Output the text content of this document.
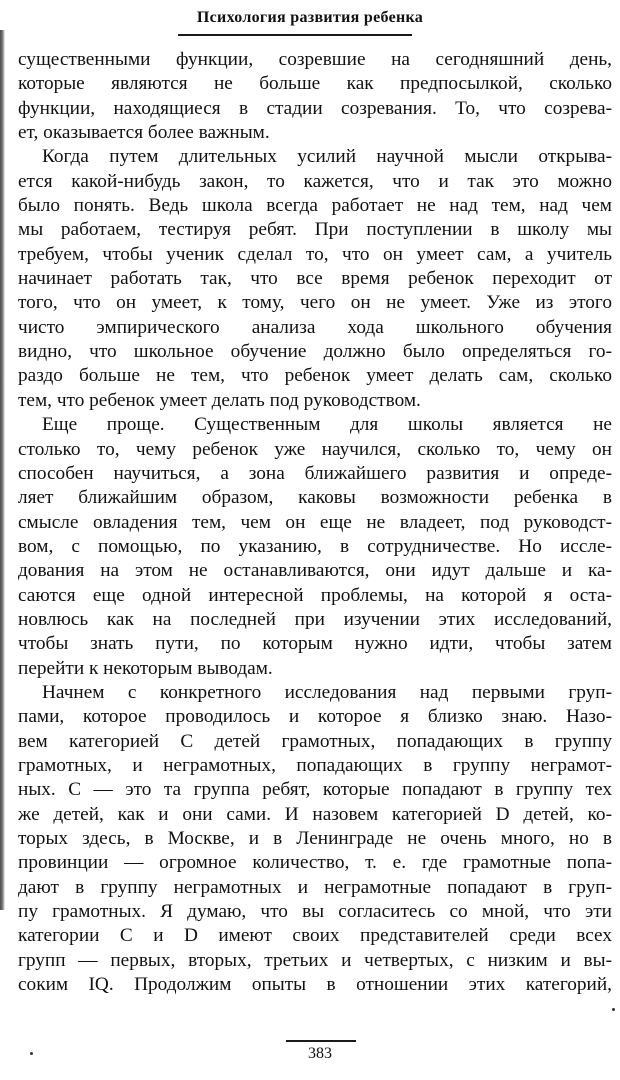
Психология развития ребенка
существенными функции, созревшие на сегодняшний день,
которые являются не больше как предпосылкой, сколько
функции, находящиеся в стадии созревания. То, что созрева-
ет, оказывается более важным.
Когда путем длительных усилий научной мысли открыва-
ется какой-нибудь закон, то кажется, что и так это можно
было понять. Ведь школа всегда работает не над тем, над чем
мы работаем, тестируя ребят. При поступлении в школу мы
требуем, чтобы ученик сделал то, что он умеет сам, а учитель
начинает работать так, что все время ребенок переходит от
того, что он умеет, к тому, чего он не умеет. Уже из этого
чисто эмпирического анализа хода школьного обучения
видно, что школьное обучение должно было определяться го-
раздо больше не тем, что ребенок умеет делать сам, сколько
тем, что ребенок умеет делать под руководством.
Еще проще. Существенным для школы является не
столько то, чему ребенок уже научился, сколько то, чему он
способен научиться, а зона ближайшего развития и опреде-
ляет ближайшим образом, каковы возможности ребенка в
смысле овладения тем, чем он еще не владеет, под руководст-
вом, с помощью, по указанию, в сотрудничестве. Но иссле-
дования на этом не останавливаются, они идут дальше и ка-
саются еще одной интересной проблемы, на которой я оста-
новлюсь как на последней при изучении этих исследований,
чтобы знать пути, по которым нужно идти, чтобы затем
перейти к некоторым выводам.
Начнем с конкретного исследования над первыми груп-
пами, которое проводилось и которое я близко знаю. Назо-
вем категорией C детей грамотных, попадающих в группу
грамотных, и неграмотных, попадающих в группу неграмот-
ных. C — это та группа ребят, которые попадают в группу тех
же детей, как и они сами. И назовем категорией D детей, ко-
торых здесь, в Москве, и в Ленинграде не очень много, но в
провинции — огромное количество, т. е. где грамотные попа-
дают в группу неграмотных и неграмотные попадают в груп-
пу грамотных. Я думаю, что вы согласитесь со мной, что эти
категории C и D имеют своих представителей среди всех
групп — первых, вторых, третьих и четвертых, с низким и вы-
соким IQ. Продолжим опыты в отношении этих категорий,
383
